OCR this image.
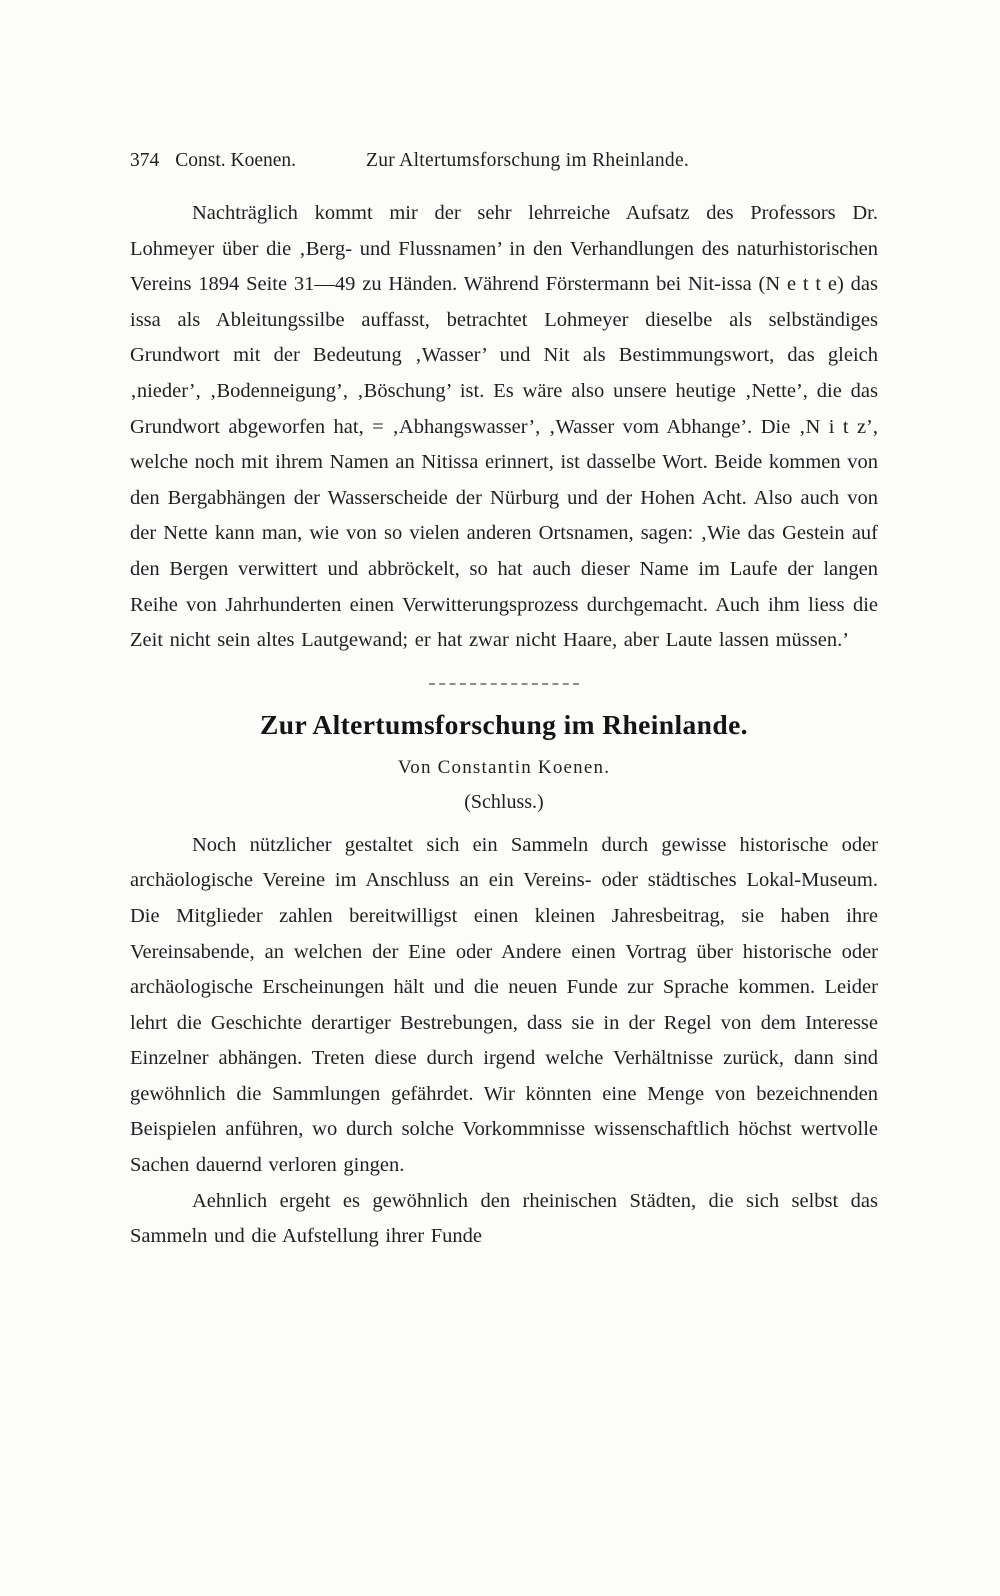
374 Const. Koenen.	Zur Altertumsforschung im Rheinlande.

Nachträglich kommt mir der sehr lehrreiche Aufsatz des Professors Dr. Lohmeyer über die ‚Berg- und Flussnamen’ in den Verhandlungen des naturhistorischen Vereins 1894 Seite 31—49 zu Händen. Während Förstermann bei Nit-issa (N e t t e) das issa als Ableitungssilbe auffasst, betrachtet Lohmeyer dieselbe als selbständiges Grundwort mit der Bedeutung ‚Wasser’ und Nit als Bestimmungswort, das gleich ‚nieder’, ‚Bodenneigung’, ‚Böschung’ ist. Es wäre also unsere heutige ‚Nette’, die das Grundwort abgeworfen hat, = ‚Abhangswasser’, ‚Wasser vom Abhange’. Die ‚N i t z’, welche noch mit ihrem Namen an Nitissa erinnert, ist dasselbe Wort. Beide kommen von den Bergabhängen der Wasserscheide der Nürburg und der Hohen Acht. Also auch von der Nette kann man, wie von so vielen anderen Ortsnamen, sagen: ‚Wie das Gestein auf den Bergen verwittert und abbröckelt, so hat auch dieser Name im Laufe der langen Reihe von Jahrhunderten einen Verwitterungsprozess durchgemacht. Auch ihm liess die Zeit nicht sein altes Lautgewand; er hat zwar nicht Haare, aber Laute lassen müssen.’

Zur Altertumsforschung im Rheinlande.
Von Constantin Koenen.
(Schluss.)

Noch nützlicher gestaltet sich ein Sammeln durch gewisse historische oder archäologische Vereine im Anschluss an ein Vereins- oder städtisches Lokal-Museum. Die Mitglieder zahlen bereitwilligst einen kleinen Jahresbeitrag, sie haben ihre Vereinsabende, an welchen der Eine oder Andere einen Vortrag über historische oder archäologische Erscheinungen hält und die neuen Funde zur Sprache kommen. Leider lehrt die Geschichte derartiger Bestrebungen, dass sie in der Regel von dem Interesse Einzelner abhängen. Treten diese durch irgend welche Verhältnisse zurück, dann sind gewöhnlich die Sammlungen gefährdet. Wir könnten eine Menge von bezeichnenden Beispielen anführen, wo durch solche Vorkommnisse wissenschaftlich höchst wertvolle Sachen dauernd verloren gingen.

Aehnlich ergeht es gewöhnlich den rheinischen Städten, die sich selbst das Sammeln und die Aufstellung ihrer Funde
